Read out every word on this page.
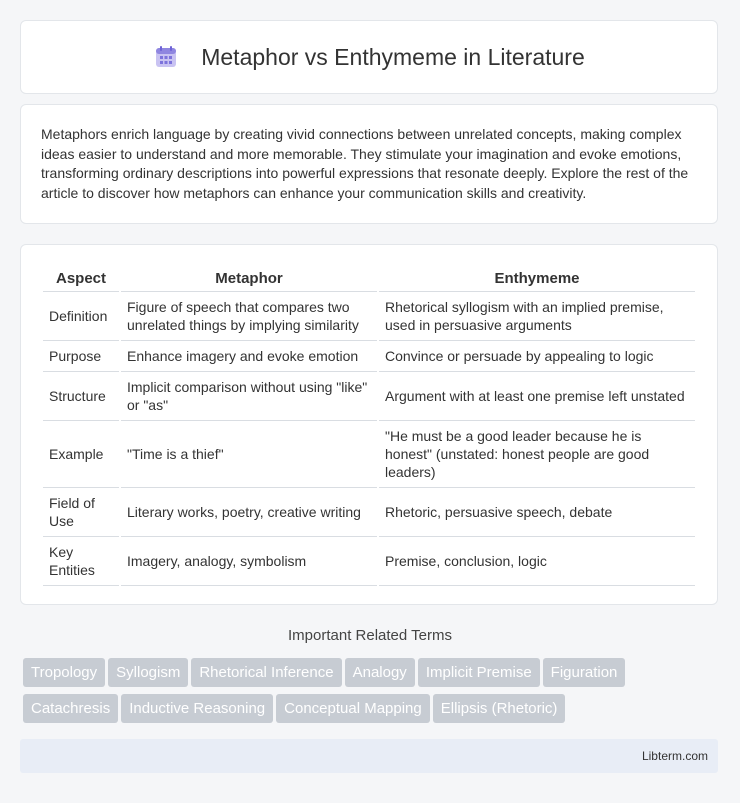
Metaphor vs Enthymeme in Literature

Metaphors enrich language by creating vivid connections between unrelated concepts, making complex ideas easier to understand and more memorable. They stimulate your imagination and evoke emotions, transforming ordinary descriptions into powerful expressions that resonate deeply. Explore the rest of the article to discover how metaphors can enhance your communication skills and creativity.

Aspect	Metaphor	Enthymeme
Definition	Figure of speech that compares two unrelated things by implying similarity	Rhetorical syllogism with an implied premise, used in persuasive arguments
Purpose	Enhance imagery and evoke emotion	Convince or persuade by appealing to logic
Structure	Implicit comparison without using "like" or "as"	Argument with at least one premise left unstated
Example	"Time is a thief"	"He must be a good leader because he is honest" (unstated: honest people are good leaders)
Field of Use	Literary works, poetry, creative writing	Rhetoric, persuasive speech, debate
Key Entities	Imagery, analogy, symbolism	Premise, conclusion, logic
Important Related Terms
Tropology	Syllogism	Rhetorical Inference	Analogy	Implicit Premise	Figuration
Catachresis	Inductive Reasoning	Conceptual Mapping	Ellipsis (Rhetoric)
Libterm.com
